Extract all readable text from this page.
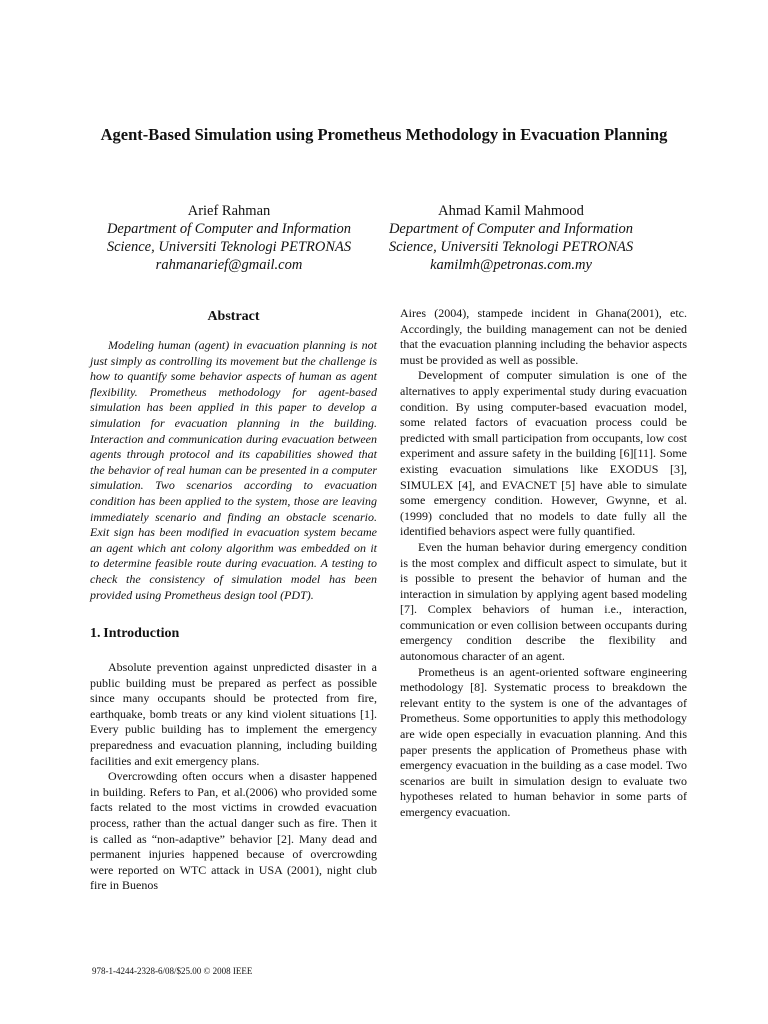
Agent-Based Simulation using Prometheus Methodology in Evacuation Planning
Arief Rahman
Department of Computer and Information Science, Universiti Teknologi PETRONAS
rahmanarief@gmail.com
Ahmad Kamil Mahmood
Department of Computer and Information Science, Universiti Teknologi PETRONAS
kamilmh@petronas.com.my
Abstract

Modeling human (agent) in evacuation planning is not just simply as controlling its movement but the challenge is how to quantify some behavior aspects of human as agent flexibility. Prometheus methodology for agent-based simulation has been applied in this paper to develop a simulation for evacuation planning in the building. Interaction and communication during evacuation between agents through protocol and its capabilities showed that the behavior of real human can be presented in a computer simulation. Two scenarios according to evacuation condition has been applied to the system, those are leaving immediately scenario and finding an obstacle scenario. Exit sign has been modified in evacuation system became an agent which ant colony algorithm was embedded on it to determine feasible route during evacuation. A testing to check the consistency of simulation model has been provided using Prometheus design tool (PDT).

1. Introduction

Absolute prevention against unpredicted disaster in a public building must be prepared as perfect as possible since many occupants should be protected from fire, earthquake, bomb treats or any kind violent situations [1]. Every public building has to implement the emergency preparedness and evacuation planning, including building facilities and exit emergency plans.

Overcrowding often occurs when a disaster happened in building. Refers to Pan, et al.(2006) who provided some facts related to the most victims in crowded evacuation process, rather than the actual danger such as fire. Then it is called as “non-adaptive” behavior [2]. Many dead and permanent injuries happened because of overcrowding were reported on WTC attack in USA (2001), night club fire in Buenos

Aires (2004), stampede incident in Ghana(2001), etc. Accordingly, the building management can not be denied that the evacuation planning including the behavior aspects must be provided as well as possible.

Development of computer simulation is one of the alternatives to apply experimental study during evacuation condition. By using computer-based evacuation model, some related factors of evacuation process could be predicted with small participation from occupants, low cost experiment and assure safety in the building [6][11]. Some existing evacuation simulations like EXODUS [3], SIMULEX [4], and EVACNET [5] have able to simulate some emergency condition. However, Gwynne, et al. (1999) concluded that no models to date fully all the identified behaviors aspect were fully quantified.

Even the human behavior during emergency condition is the most complex and difficult aspect to simulate, but it is possible to present the behavior of human and the interaction in simulation by applying agent based modeling [7]. Complex behaviors of human i.e., interaction, communication or even collision between occupants during emergency condition describe the flexibility and autonomous character of an agent.

Prometheus is an agent-oriented software engineering methodology [8]. Systematic process to breakdown the relevant entity to the system is one of the advantages of Prometheus. Some opportunities to apply this methodology are wide open especially in evacuation planning. And this paper presents the application of Prometheus phase with emergency evacuation in the building as a case model. Two scenarios are built in simulation design to evaluate two hypotheses related to human behavior in some parts of emergency evacuation.

978-1-4244-2328-6/08/$25.00 © 2008 IEEE
